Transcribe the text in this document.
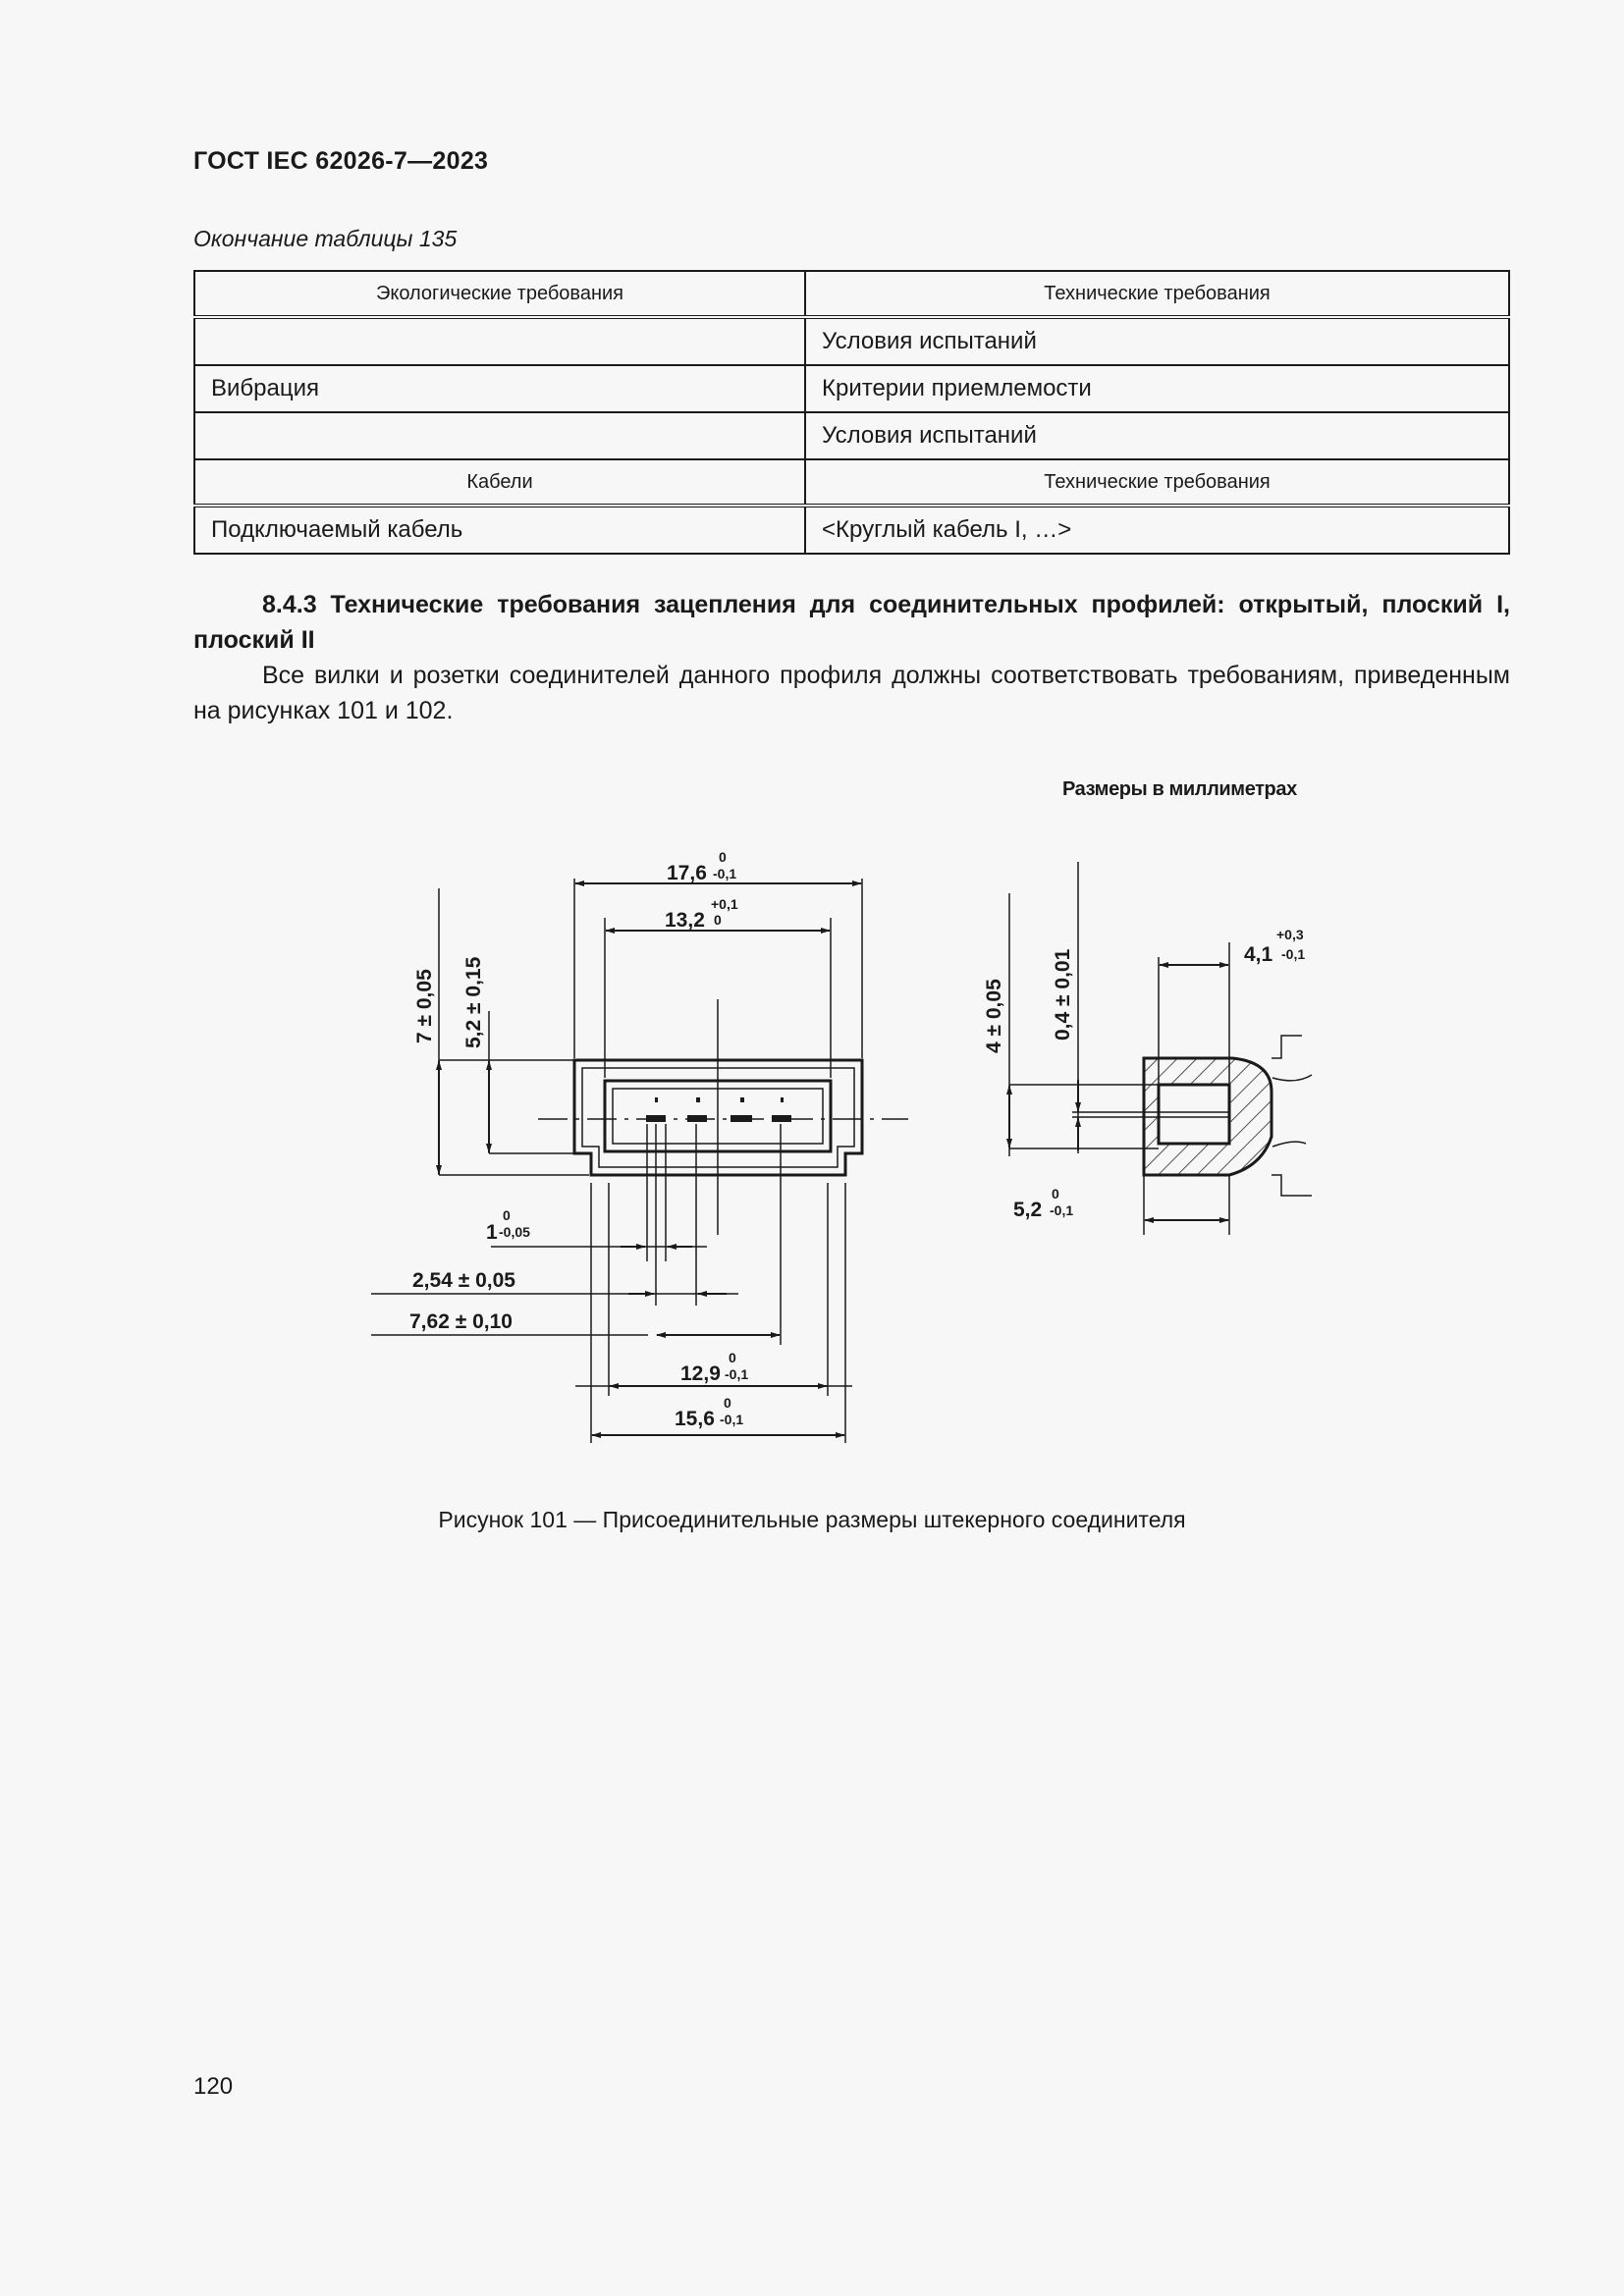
ГОСТ IEC 62026-7—2023
Окончание таблицы 135
Экологические требования	Технические требования
	Условия испытаний
Вибрация	Критерии приемлемости
	Условия испытаний
Кабели	Технические требования
Подключаемый кабель	<Круглый кабель I, …>
8.4.3 Технические требования зацепления для соединительных профилей: открытый, плоский I, плоский II
Все вилки и розетки соединителей данного профиля должны соответствовать требованиям, приведенным на рисунках 101 и 102.
Размеры в миллиметрах
17,6
0
-0,1
13,2
+0,1
0
7 ± 0,05 5,2 ± 0,15
1
0
-0,05
2,54 ± 0,05
7,62 ± 0,10
12,9
0
-0,1
15,6
0
-0,1
4 ± 0,05 0,4 ± 0,01	4,1
+0,3
-0,1
5,2
0
-0,1
Рисунок 101 — Присоединительные размеры штекерного соединителя
120
